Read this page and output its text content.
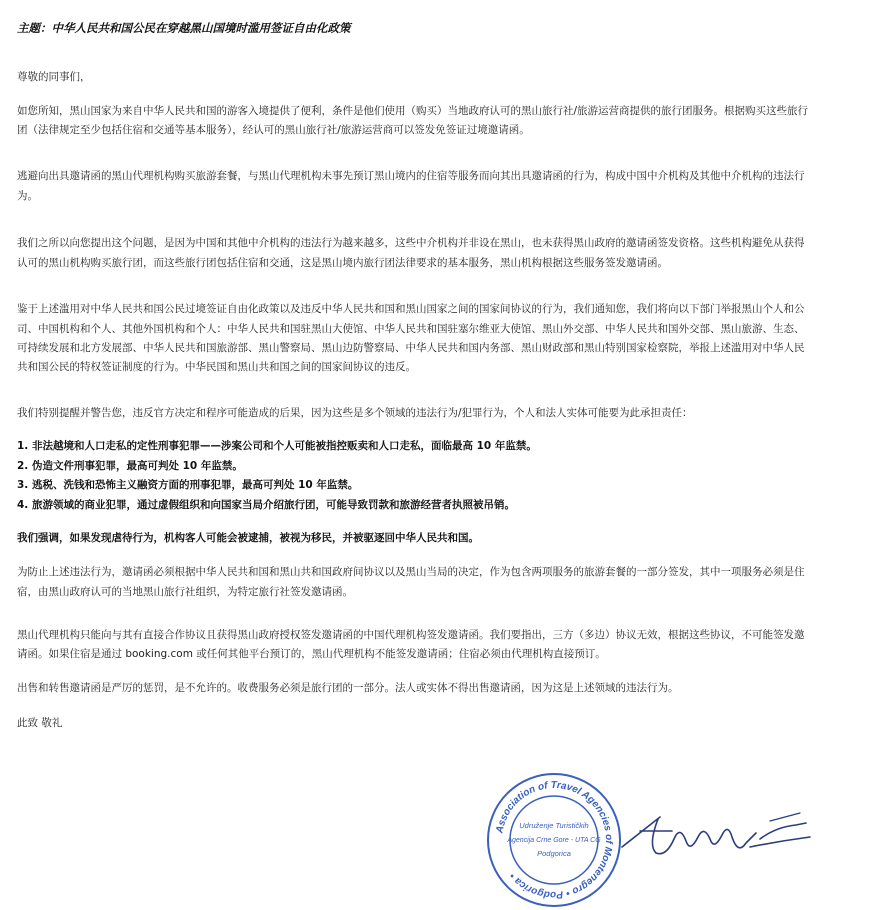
主题：中华人民共和国公民在穿越黑山国境时滥用签证自由化政策
尊敬的同事们，
如您所知，黑山国家为来自中华人民共和国的游客入境提供了便利，条件是他们使用（购买）当地政府认可的黑山旅行社/旅游运营商提供的旅行团服务。根据购买这些旅行
团（法律规定至少包括住宿和交通等基本服务），经认可的黑山旅行社/旅游运营商可以签发免签证过境邀请函。
逃避向出具邀请函的黑山代理机构购买旅游套餐，与黑山代理机构未事先预订黑山境内的住宿等服务而向其出具邀请函的行为，构成中国中介机构及其他中介机构的违法行
为。
我们之所以向您提出这个问题，是因为中国和其他中介机构的违法行为越来越多，这些中介机构并非设在黑山，也未获得黑山政府的邀请函签发资格。这些机构避免从获得
认可的黑山机构购买旅行团，而这些旅行团包括住宿和交通，这是黑山境内旅行团法律要求的基本服务，黑山机构根据这些服务签发邀请函。
鉴于上述滥用对中华人民共和国公民过境签证自由化政策以及违反中华人民共和国和黑山国家之间的国家间协议的行为，我们通知您，我们将向以下部门举报黑山个人和公
司、中国机构和个人、其他外国机构和个人：中华人民共和国驻黑山大使馆、中华人民共和国驻塞尔维亚大使馆、黑山外交部、中华人民共和国外交部、黑山旅游、生态、
可持续发展和北方发展部、中华人民共和国旅游部、黑山警察局、黑山边防警察局、中华人民共和国内务部、黑山财政部和黑山特别国家检察院，举报上述滥用对中华人民
共和国公民的特权签证制度的行为。中华民国和黑山共和国之间的国家间协议的违反。
我们特别提醒并警告您，违反官方决定和程序可能造成的后果，因为这些是多个领域的违法行为/犯罪行为，个人和法人实体可能要为此承担责任：
1. 非法越境和人口走私的定性刑事犯罪——涉案公司和个人可能被指控贩卖和人口走私，面临最高 10 年监禁。
2. 伪造文件刑事犯罪，最高可判处 10 年监禁。
3. 逃税、洗钱和恐怖主义融资方面的刑事犯罪，最高可判处 10 年监禁。
4. 旅游领域的商业犯罪，通过虚假组织和向国家当局介绍旅行团，可能导致罚款和旅游经营者执照被吊销。
我们强调，如果发现虐待行为，机构客人可能会被逮捕，被视为移民，并被驱逐回中华人民共和国。
为防止上述违法行为，邀请函必须根据中华人民共和国和黑山共和国政府间协议以及黑山当局的决定，作为包含两项服务的旅游套餐的一部分签发，其中一项服务必须是住
宿，由黑山政府认可的当地黑山旅行社组织，为特定旅行社签发邀请函。
黑山代理机构只能向与其有直接合作协议且获得黑山政府授权签发邀请函的中国代理机构签发邀请函。我们要指出，三方（多边）协议无效，根据这些协议，不可能签发邀
请函。如果住宿是通过 booking.com 或任何其他平台预订的，黑山代理机构不能签发邀请函；住宿必须由代理机构直接预订。
出售和转售邀请函是严厉的惩罚，是不允许的。收费服务必须是旅行团的一部分。法人或实体不得出售邀请函，因为这是上述领域的违法行为。
此致 敬礼
Association of Travel Agencies of Montenegro • Podgorica •
Udruženje Turističkih
Agencija Crne Gore - UTA CG
Podgorica
